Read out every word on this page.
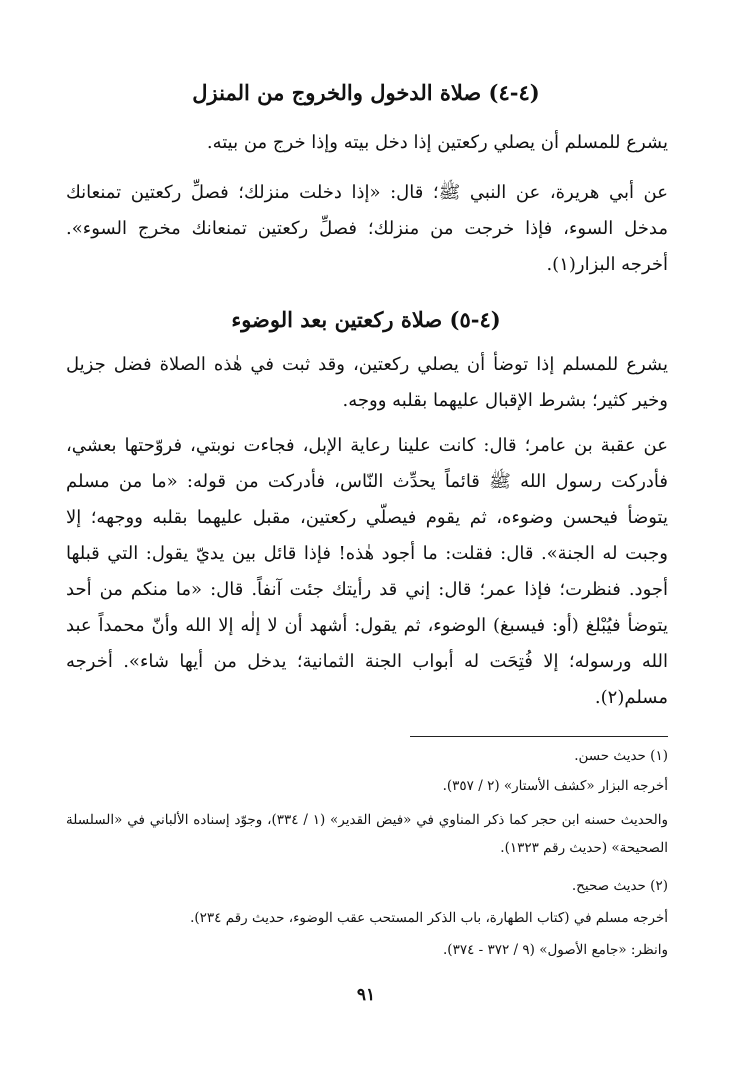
(٤-٤) صلاة الدخول والخروج من المنزل

يشرع للمسلم أن يصلي ركعتين إذا دخل بيته وإذا خرج من بيته.

عن أبي هريرة، عن النبي ﷺ؛ قال: «إذا دخلت منزلك؛ فصلِّ ركعتين تمنعانك مدخل السوء، فإذا خرجت من منزلك؛ فصلِّ ركعتين تمنعانك مخرج السوء». أخرجه البزار(١).

(٤-٥) صلاة ركعتين بعد الوضوء

يشرع للمسلم إذا توضأ أن يصلي ركعتين، وقد ثبت في هٰذه الصلاة فضل جزيل وخير كثير؛ بشرط الإقبال عليهما بقلبه ووجه.

عن عقبة بن عامر؛ قال: كانت علينا رعاية الإبل، فجاءت نوبتي، فروّحتها بعشي، فأدركت رسول الله ﷺ قائماً يحدِّث النّاس، فأدركت من قوله: «ما من مسلم يتوضأ فيحسن وضوءه، ثم يقوم فيصلّي ركعتين، مقبل عليهما بقلبه ووجهه؛ إلا وجبت له الجنة». قال: فقلت: ما أجود هٰذه! فإذا قائل بين يديّ يقول: التي قبلها أجود. فنظرت؛ فإذا عمر؛ قال: إني قد رأيتك جئت آنفاً. قال: «ما منكم من أحد يتوضأ فيُبْلغ (أو: فيسبغ) الوضوء، ثم يقول: أشهد أن لا إلٰه إلا الله وأنّ محمداً عبد الله ورسوله؛ إلا فُتِحَت له أبواب الجنة الثمانية؛ يدخل من أيها شاء». أخرجه مسلم(٢).

(١) حديث حسن.

أخرجه البزار «كشف الأستار» (٢ / ٣٥٧).

والحديث حسنه ابن حجر كما ذكر المناوي في «فيض القدير» (١ / ٣٣٤)، وجوّد إسناده الألباني في «السلسلة الصحيحة» (حديث رقم ١٣٢٣).

(٢) حديث صحيح.

أخرجه مسلم في (كتاب الطهارة، باب الذكر المستحب عقب الوضوء، حديث رقم ٢٣٤).

وانظر: «جامع الأصول» (٩ / ٣٧٢ - ٣٧٤).

٩١
